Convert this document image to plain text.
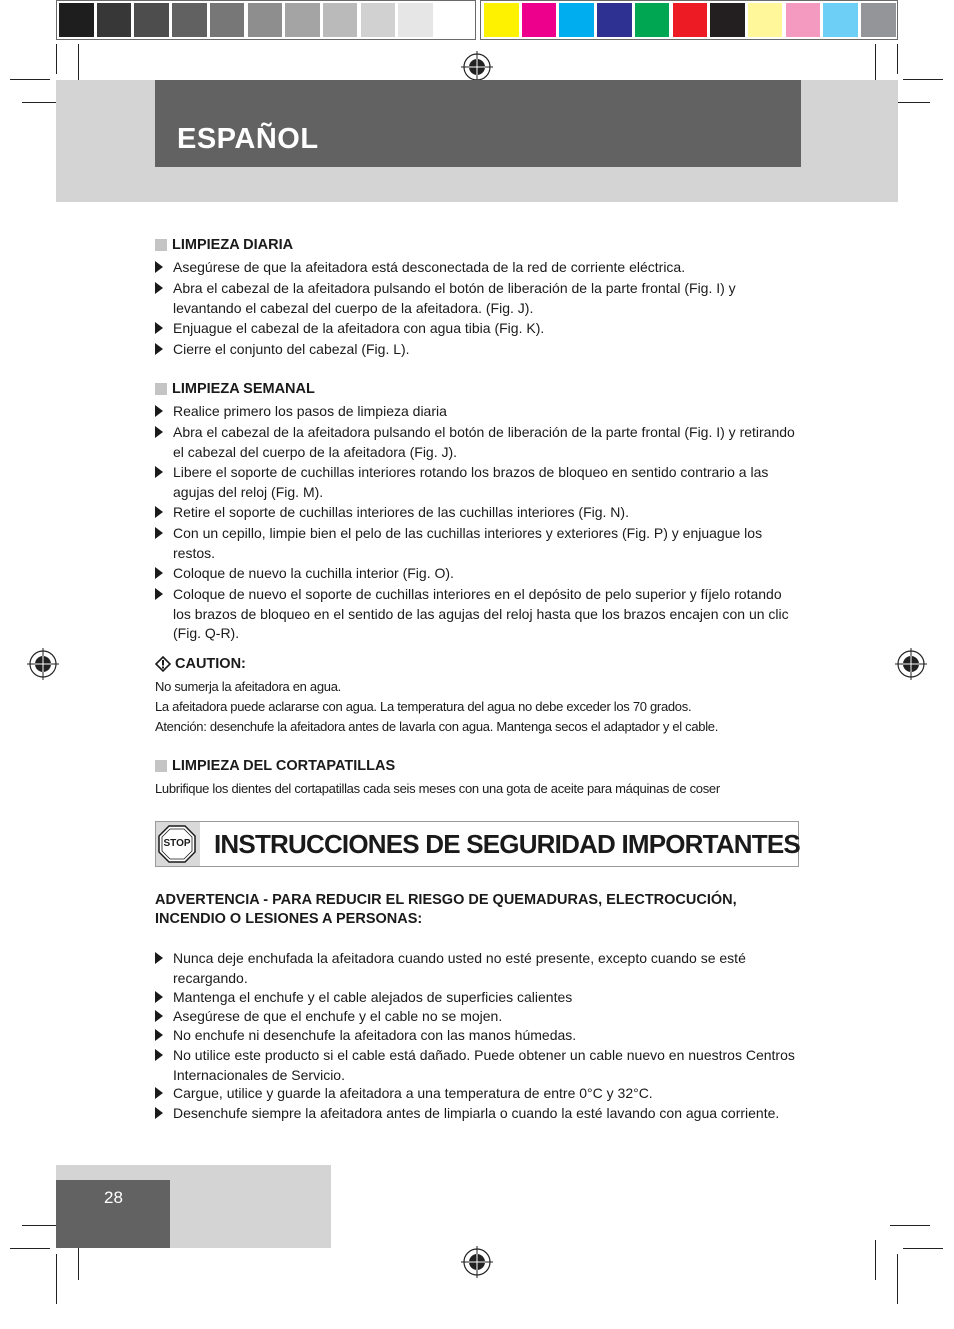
ESPAÑOL
LIMPIEZA DIARIA
Asegúrese de que la afeitadora está desconectada de la red de corriente eléctrica.
Abra el cabezal de la afeitadora pulsando el botón de liberación de la parte frontal (Fig. I) y levantando el cabezal del cuerpo de la afeitadora. (Fig. J).
Enjuague el cabezal de la afeitadora con agua tibia (Fig. K).
Cierre el conjunto del cabezal (Fig. L).
LIMPIEZA SEMANAL
Realice primero los pasos de limpieza diaria
Abra el cabezal de la afeitadora pulsando el botón de liberación de la parte frontal (Fig. I) y retirando el cabezal del cuerpo de la afeitadora (Fig. J).
Libere el soporte de cuchillas interiores rotando los brazos de bloqueo en sentido contrario a las agujas del reloj (Fig. M).
Retire el soporte de cuchillas interiores de las cuchillas interiores (Fig. N).
Con un cepillo, limpie bien el pelo de las cuchillas interiores y exteriores (Fig. P) y enjuague los restos.
Coloque de nuevo la cuchilla interior (Fig. O).
Coloque de nuevo el soporte de cuchillas interiores en el depósito de pelo superior y fíjelo rotando los brazos de bloqueo en el sentido de las agujas del reloj hasta que los brazos encajen con un clic (Fig. Q-R).
CAUTION:
No sumerja la afeitadora en agua.
La afeitadora puede aclararse con agua. La temperatura del agua no debe exceder los 70 grados.
Atención: desenchufe la afeitadora antes de lavarla con agua. Mantenga secos el adaptador y el cable.
LIMPIEZA DEL CORTAPATILLAS
Lubrifique los dientes del cortapatillas cada seis meses con una gota de aceite para máquinas de coser
STOP INSTRUCCIONES DE SEGURIDAD IMPORTANTES
ADVERTENCIA - PARA REDUCIR EL RIESGO DE QUEMADURAS, ELECTROCUCIÓN, INCENDIO O LESIONES A PERSONAS:
Nunca deje enchufada la afeitadora cuando usted no esté presente, excepto cuando se esté recargando.
Mantenga el enchufe y el cable alejados de superficies calientes
Asegúrese de que el enchufe y el cable no se mojen.
No enchufe ni desenchufe la afeitadora con las manos húmedas.
No utilice este producto si el cable está dañado. Puede obtener un cable nuevo en nuestros Centros Internacionales de Servicio.
Cargue, utilice y guarde la afeitadora a una temperatura de entre 0°C y 32°C.
Desenchufe siempre la afeitadora antes de limpiarla o cuando la esté lavando con agua corriente.
28
